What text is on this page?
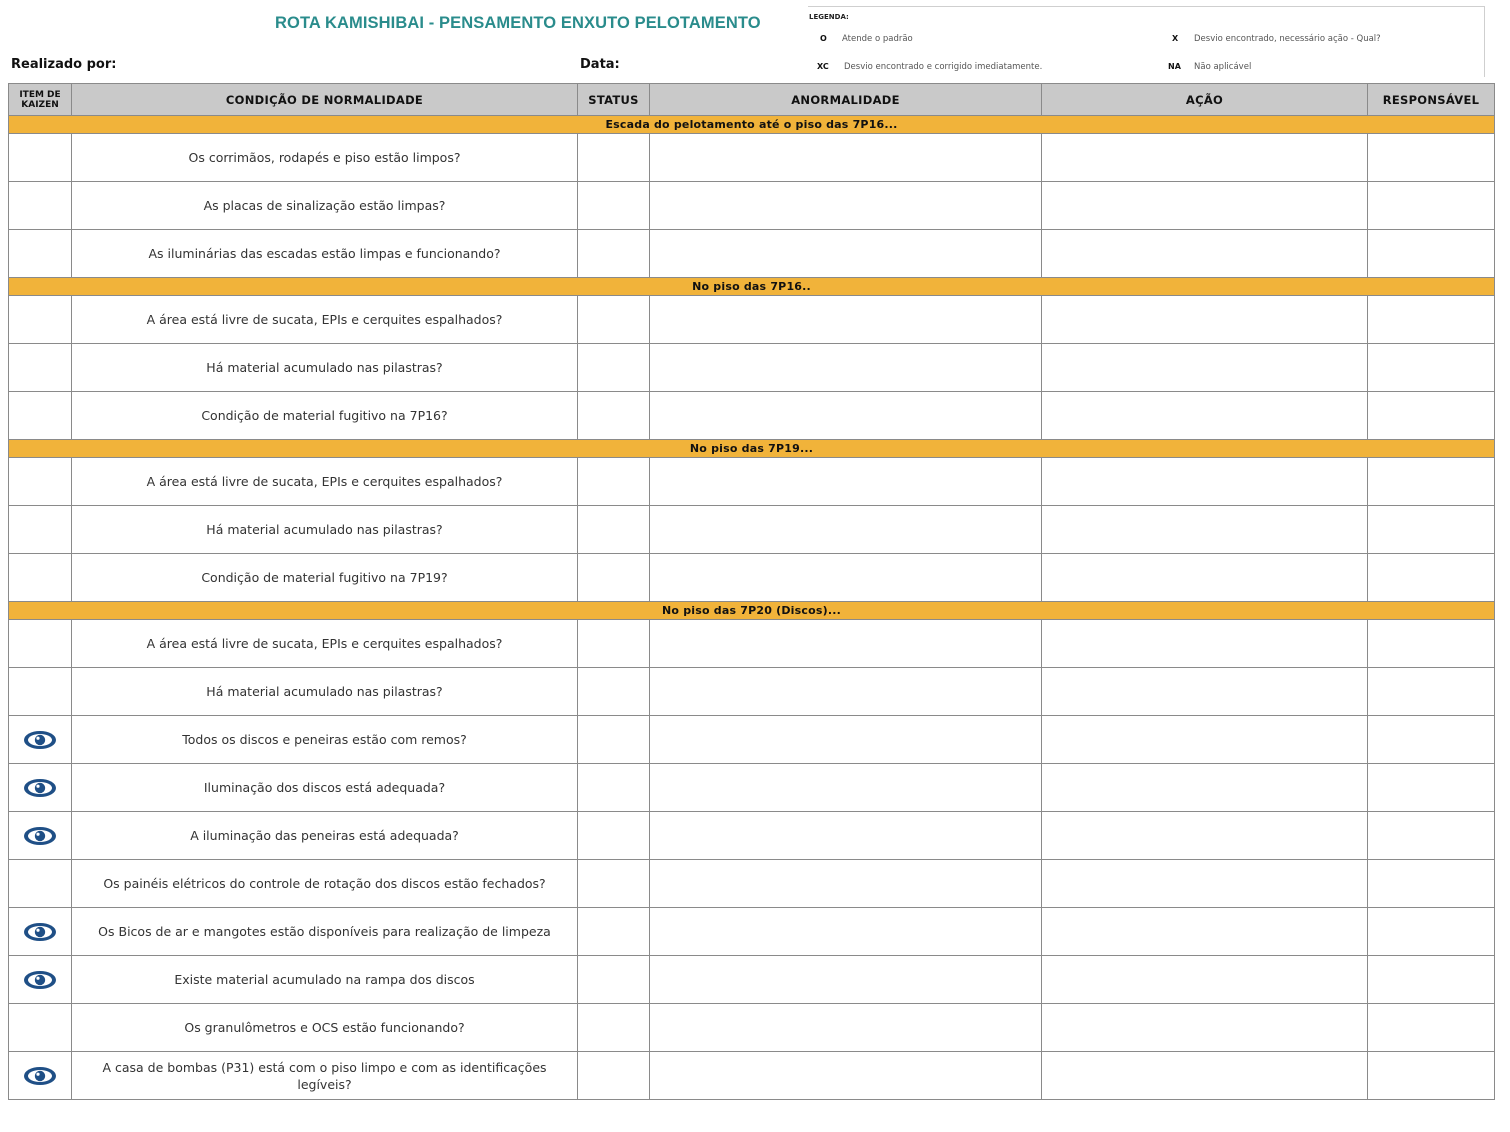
ROTA KAMISHIBAI - PENSAMENTO ENXUTO PELOTAMENTO	LEGENDA:
O Atende o padrão	X Desvio encontrado, necessário ação - Qual?
XC Desvio encontrado e corrigido imediatamente.	NA Não aplicável
Realizado por:	Data:
ITEM DE KAIZEN	CONDIÇÃO DE NORMALIDADE	STATUS	ANORMALIDADE	AÇÃO	RESPONSÁVEL
Escada do pelotamento até o piso das 7P16...					
	Os corrimãos, rodapés e piso estão limpos?				
	As placas de sinalização estão limpas?				
	As iluminárias das escadas estão limpas e funcionando?				
No piso das 7P16..					
	A área está livre de sucata, EPIs e cerquites espalhados?				
	Há material acumulado nas pilastras?				
	Condição de material fugitivo na 7P16?				
No piso das 7P19...					
	A área está livre de sucata, EPIs e cerquites espalhados?				
	Há material acumulado nas pilastras?				
	Condição de material fugitivo na 7P19?				
No piso das 7P20 (Discos)...					
	A área está livre de sucata, EPIs e cerquites espalhados?				
	Há material acumulado nas pilastras?				
	Todos os discos e peneiras estão com remos?				
	Iluminação dos discos está adequada?				
	A iluminação das peneiras está adequada?				
	Os painéis elétricos do controle de rotação dos discos estão fechados?				
	Os Bicos de ar e mangotes estão disponíveis para realização de limpeza				
	Existe material acumulado na rampa dos discos				
	Os granulômetros e OCS estão funcionando?				
	A casa de bombas (P31) está com o piso limpo e com as identificações legíveis?				
